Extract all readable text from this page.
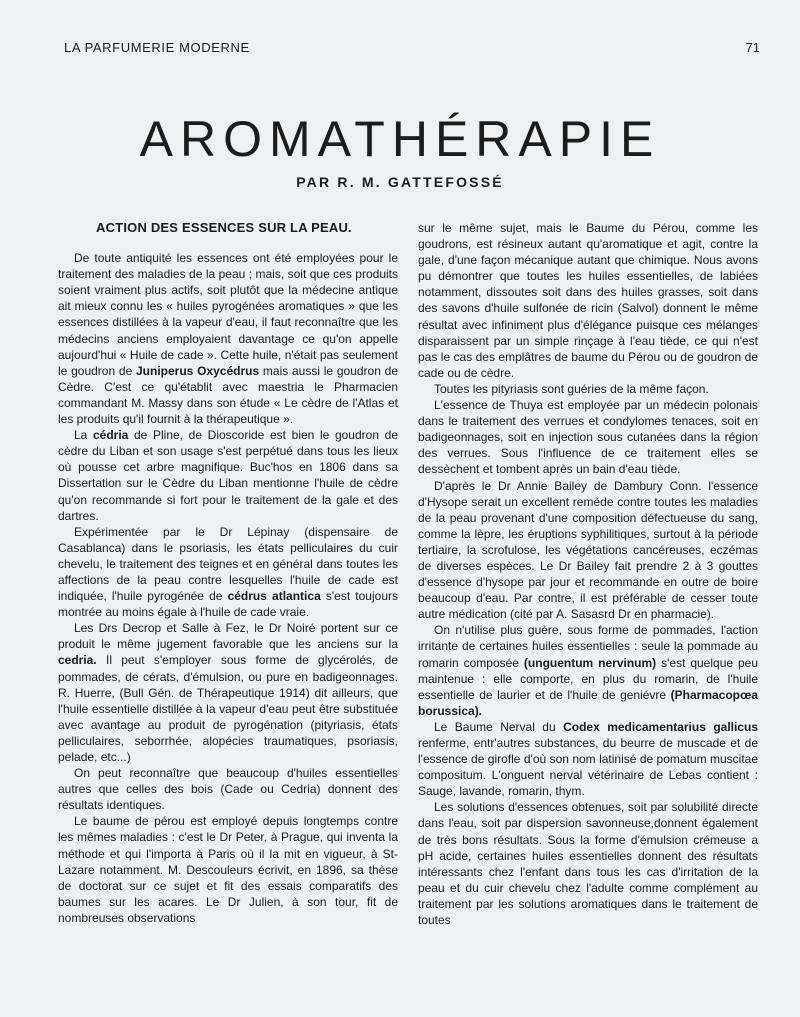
LA PARFUMERIE MODERNE	71
AROMATHÉRAPIE
PAR R. M. GATTEFOSSÉ
ACTION DES ESSENCES SUR LA PEAU.

De toute antiquité les essences ont été employées pour le traitement des maladies de la peau ; mais, soit que ces produits soient vraiment plus actifs, soit plutôt que la médecine antique ait mieux connu les « huiles pyrogénées aromatiques » que les essences distillées à la vapeur d'eau, il faut reconnaître que les médecins anciens employaient davantage ce qu'on appelle aujourd'hui « Huile de cade ». Cette huile, n'était pas seulement le goudron de Juniperus Oxycédrus mais aussi le goudron de Cèdre. C'est ce qu'établit avec maestria le Pharmacien commandant M. Massy dans son étude « Le cèdre de l'Atlas et les produits qu'il fournit à la thérapeutique ».

La cédria de Pline, de Dioscoride est bien le goudron de cèdre du Liban et son usage s'est perpétué dans tous les lieux où pousse cet arbre magnifique. Buc'hos en 1806 dans sa Dissertation sur le Cèdre du Liban mentionne l'huile de cèdre qu'on recommande si fort pour le traitement de la gale et des dartres.

Expérimentée par le Dr Lépinay (dispensaire de Casablanca) dans le psoriasis, les états pelliculaires du cuir chevelu, le traitement des teignes et en général dans toutes les affections de la peau contre lesquelles l'huile de cade est indiquée, l'huile pyrogénée de cédrus atlantica s'est toujours montrée au moins égale à l'huile de cade vraie.

Les Drs Decrop et Salle à Fez, le Dr Noiré portent sur ce produit le même jugement favorable que les anciens sur la cedria. Il peut s'employer sous forme de glycérolés, de pommades, de cérats, d'émulsion, ou pure en badigeonnages. R. Huerre, (Bull Gén. de Thérapeutique 1914) dit ailleurs, que l'huile essentielle distillée à la vapeur d'eau peut être substituée avec avantage au produit de pyrogénation (pityriasis, états pelliculaires, seborrhée, alopécies traumatiques, psoriasis, pelade, etc...)

On peut reconnaître que beaucoup d'huiles essentielles autres que celles des bois (Cade ou Cedria) donnent des résultats identiques.

Le baume de pérou est employé depuis longtemps contre les mêmes maladies : c'est le Dr Peter, à Prague, qui inventa la méthode et qui l'importa à Paris où il la mit en vigueur, à St-Lazare notamment. M. Descouleurs écrivit, en 1896, sa thèse de doctorat sur ce sujet et fit des essais comparatifs des baumes sur les acares. Le Dr Julien, à son tour, fit de nombreuses observations

sur le même sujet, mais le Baume du Pérou, comme les goudrons, est résineux autant qu'aromatique et agit, contre la gale, d'une façon mécanique autant que chimique. Nous avons pu démontrer que toutes les huiles essentielles, de labiées notamment, dissoutes soit dans des huiles grasses, soit dans des savons d'huile sulfonée de ricin (Salvol) donnent le même résultat avec infiniment plus d'élégance puisque ces mélanges disparaissent par un simple rinçage à l'eau tiède, ce qui n'est pas le cas des emplâtres de baume du Pérou ou de goudron de cade ou de cèdre.

Toutes les pityriasis sont guéries de la même façon.

L'essence de Thuya est employée par un médecin polonais dans le traitement des verrues et condylomes tenaces, soit en badigeonnages, soit en injection sous cutanées dans la région des verrues. Sous l'influence de ce traitement elles se dessèchent et tombent après un bain d'eau tiède.

D'après le Dr Annie Bailey de Dambury Conn. l'essence d'Hysope serait un excellent remède contre toutes les maladies de la peau provenant d'une composition défectueuse du sang, comme la lèpre, les éruptions syphilitiques, surtout à la période tertiaire, la scrofulose, les végétations cancéreuses, eczémas de diverses espèces. Le Dr Bailey fait prendre 2 à 3 gouttes d'essence d'hysope par jour et recommande en outre de boire beaucoup d'eau. Par contre, il est préférable de cesser toute autre médication (cité par A. Sasasrd Dr en pharmacie).

On n'utilise plus guère, sous forme de pommades, l'action irritante de certaines huiles essentielles : seule la pommade au romarin composée (unguentum nervinum) s'est quelque peu maintenue : elle comporte, en plus du romarin, de l'huile essentielle de laurier et de l'huile de geniévre (Pharmacopœa borussica).

Le Baume Nerval du Codex medicamentarius gallicus renferme, entr'autres substances, du beurre de muscade et de l'essence de girofle d'où son nom latinisé de pomatum muscitae compositum. L'onguent nerval vétérinaire de Lebas contient : Sauge, lavande, romarin, thym.

Les solutions d'essences obtenues, soit par solubilité directe dans l'eau, soit par dispersion savonneuse,donnent également de très bons résultats. Sous la forme d'émulsion crémeuse a pH acide, certaines huiles essentielles donnent des résultats intéressants chez l'enfant dans tous les cas d'irritation de la peau et du cuir chevelu chez l'adulte comme complément au traitement par les solutions aromatiques dans le traitement de toutes
